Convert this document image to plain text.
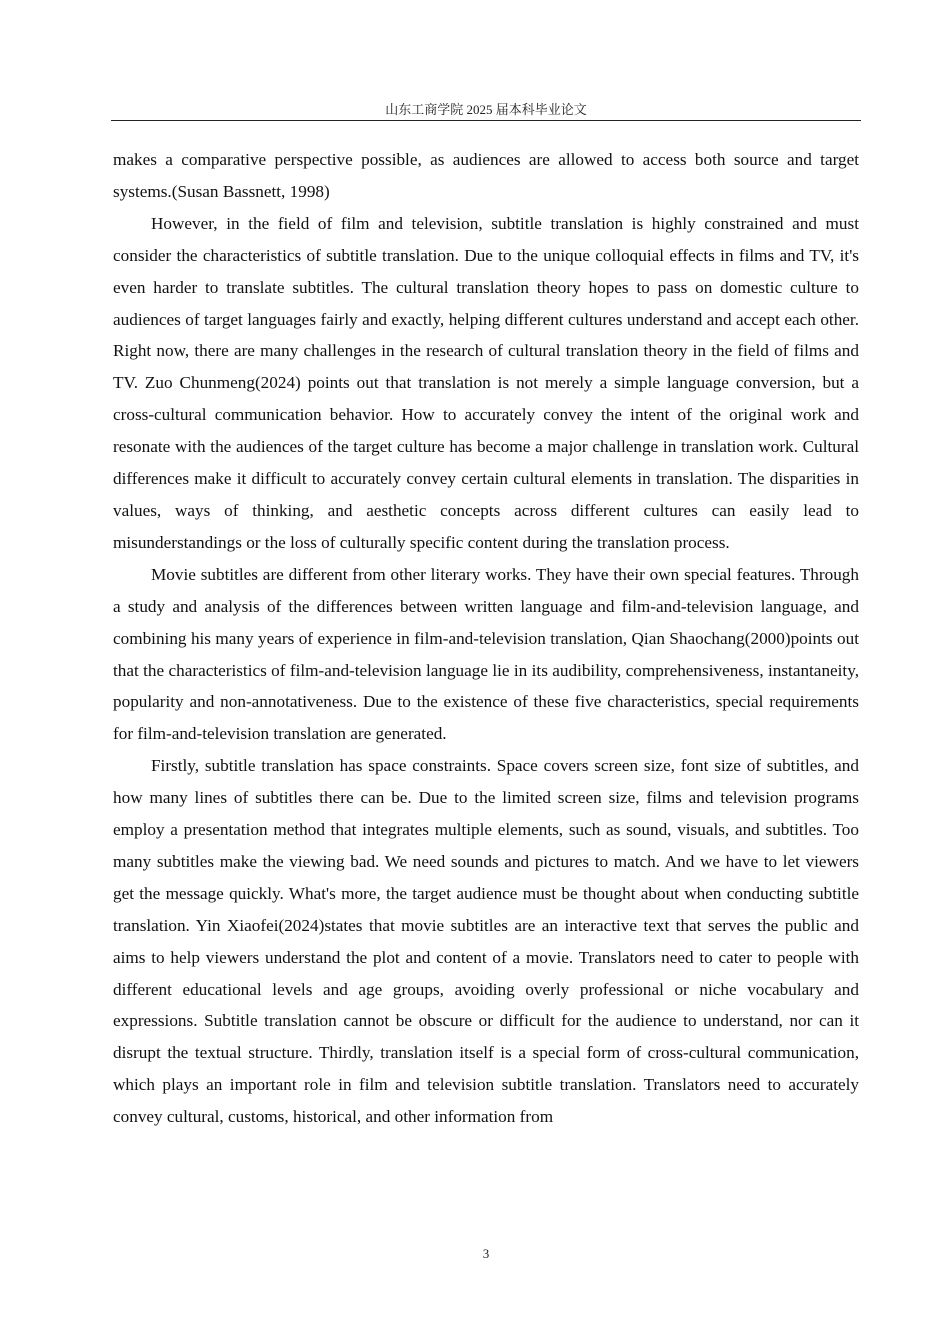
山东工商学院 2025 届本科毕业论文

makes a comparative perspective possible, as audiences are allowed to access both source and target systems.(Susan Bassnett, 1998)

However, in the field of film and television, subtitle translation is highly constrained and must consider the characteristics of subtitle translation. Due to the unique colloquial effects in films and TV, it's even harder to translate subtitles. The cultural translation theory hopes to pass on domestic culture to audiences of target languages fairly and exactly, helping different cultures understand and accept each other. Right now, there are many challenges in the research of cultural translation theory in the field of films and TV. Zuo Chunmeng(2024) points out that translation is not merely a simple language conversion, but a cross-cultural communication behavior. How to accurately convey the intent of the original work and resonate with the audiences of the target culture has become a major challenge in translation work. Cultural differences make it difficult to accurately convey certain cultural elements in translation. The disparities in values, ways of thinking, and aesthetic concepts across different cultures can easily lead to misunderstandings or the loss of culturally specific content during the translation process.

Movie subtitles are different from other literary works. They have their own special features. Through a study and analysis of the differences between written language and film-and-television language, and combining his many years of experience in film-and-television translation, Qian Shaochang(2000)points out that the characteristics of film-and-television language lie in its audibility, comprehensiveness, instantaneity, popularity and non-annotativeness. Due to the existence of these five characteristics, special requirements for film-and-television translation are generated.

Firstly, subtitle translation has space constraints. Space covers screen size, font size of subtitles, and how many lines of subtitles there can be. Due to the limited screen size, films and television programs employ a presentation method that integrates multiple elements, such as sound, visuals, and subtitles. Too many subtitles make the viewing bad. We need sounds and pictures to match. And we have to let viewers get the message quickly. What's more, the target audience must be thought about when conducting subtitle translation. Yin Xiaofei(2024)states that movie subtitles are an interactive text that serves the public and aims to help viewers understand the plot and content of a movie. Translators need to cater to people with different educational levels and age groups, avoiding overly professional or niche vocabulary and expressions. Subtitle translation cannot be obscure or difficult for the audience to understand, nor can it disrupt the textual structure. Thirdly, translation itself is a special form of cross-cultural communication, which plays an important role in film and television subtitle translation. Translators need to accurately convey cultural, customs, historical, and other information from

3
